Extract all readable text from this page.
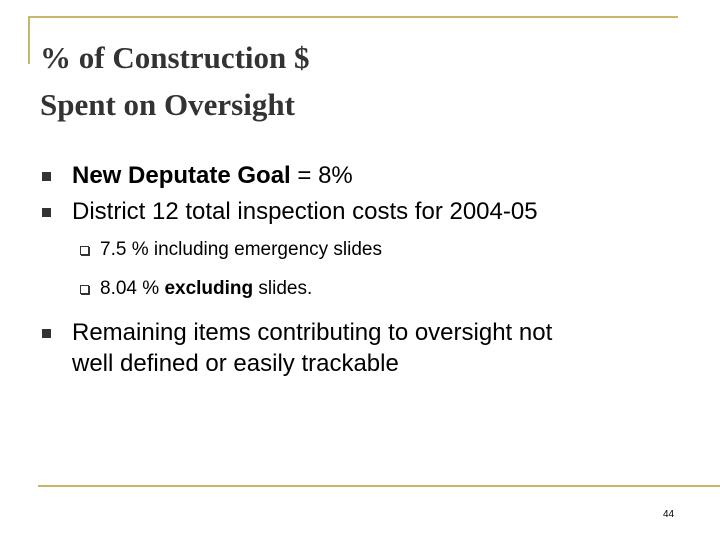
% of Construction $
Spent on Oversight
New Deputate Goal = 8%
District 12 total inspection costs for 2004-05
7.5 % including emergency slides
8.04 % excluding slides.
Remaining items contributing to oversight not
well defined or easily trackable
44
